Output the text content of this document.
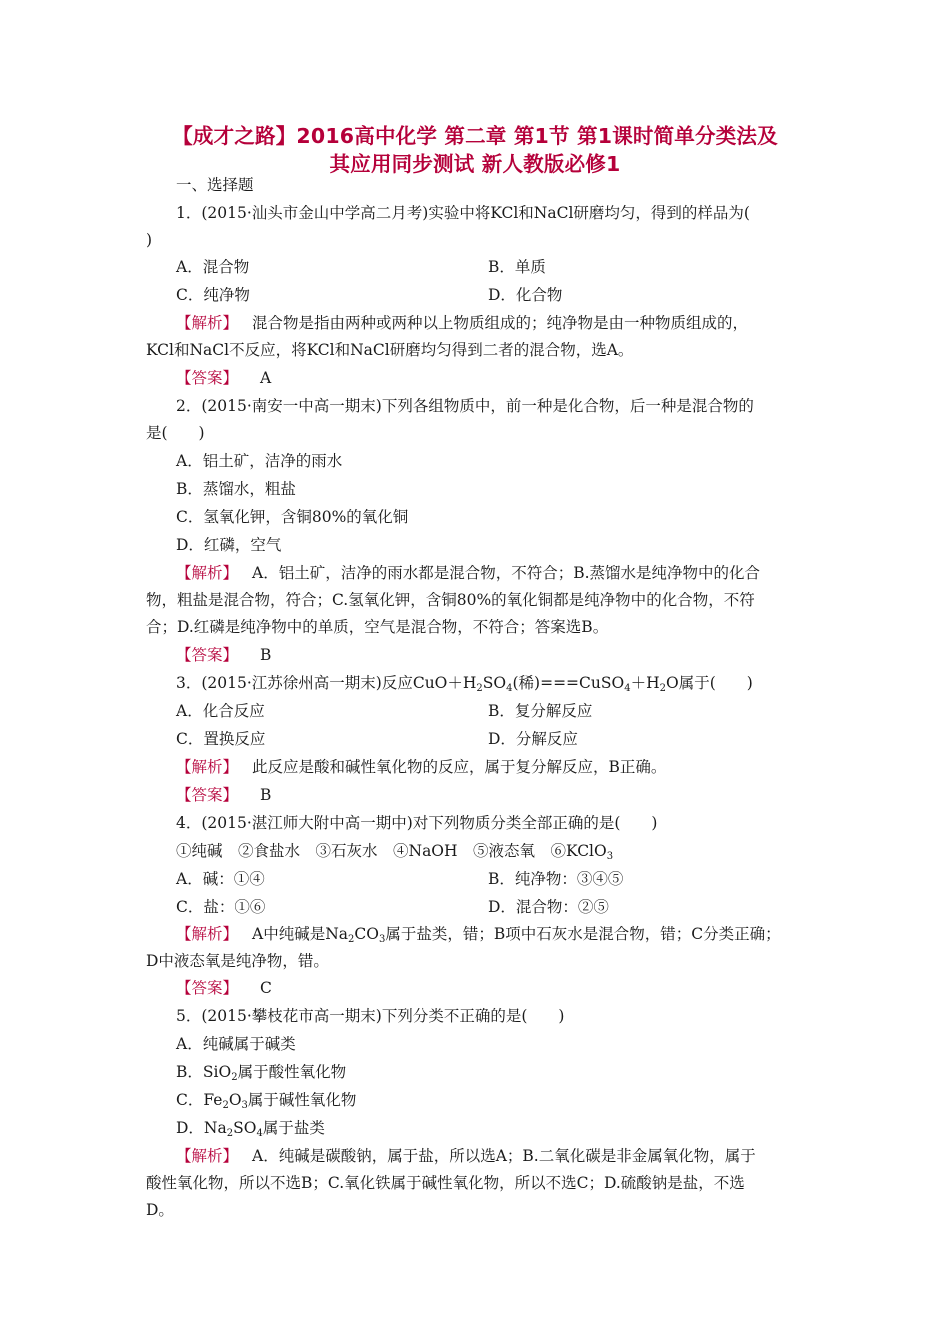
【成才之路】2016高中化学 第二章 第1节 第1课时简单分类法及
其应用同步测试 新人教版必修1
一、选择题
1．(2015·汕头市金山中学高二月考)实验中将KCl和NaCl研磨均匀，得到的样品为(
)
A．混合物	B．单质
C．纯净物	D．化合物
【解析】 混合物是指由两种或两种以上物质组成的；纯净物是由一种物质组成的，
KCl和NaCl不反应，将KCl和NaCl研磨均匀得到二者的混合物，选A。
【答案】 A
2．(2015·南安一中高一期末)下列各组物质中，前一种是化合物，后一种是混合物的
是(　　)
A．铝土矿，洁净的雨水
B．蒸馏水，粗盐
C．氢氧化钾，含铜80%的氧化铜
D．红磷，空气
【解析】 A．铝土矿，洁净的雨水都是混合物，不符合；B.蒸馏水是纯净物中的化合
物，粗盐是混合物，符合；C.氢氧化钾，含铜80%的氧化铜都是纯净物中的化合物，不符
合；D.红磷是纯净物中的单质，空气是混合物，不符合；答案选B。
【答案】 B
3．(2015·江苏徐州高一期末)反应$CuO+H_2SO_4$(稀)$===CuSO_4+H_2O$属于(　　)
A．化合反应	B．复分解反应
C．置换反应	D．分解反应
【解析】 此反应是酸和碱性氧化物的反应，属于复分解反应，B正确。
【答案】 B
4．(2015·湛江师大附中高一期中)对下列物质分类全部正确的是(　　)
①纯碱　②食盐水　③石灰水　④NaOH　⑤液态氧　⑥KClO$_3$
A．碱：①④	B．纯净物：③④⑤
C．盐：①⑥	D．混合物：②⑤
【解析】 A中纯碱是$Na_2CO_3$属于盐类，错；B项中石灰水是混合物，错；C分类正确；
D中液态氧是纯净物，错。
【答案】 C
5．(2015·攀枝花市高一期末)下列分类不正确的是(　　)
A．纯碱属于碱类
B．SiO$_2$属于酸性氧化物
C．$Fe_2O_3$属于碱性氧化物
D．$Na_2SO_4$属于盐类
【解析】 A．纯碱是碳酸钠，属于盐，所以选A；B.二氧化碳是非金属氧化物，属于
酸性氧化物，所以不选B；C.氧化铁属于碱性氧化物，所以不选C；D.硫酸钠是盐，不选
D。
